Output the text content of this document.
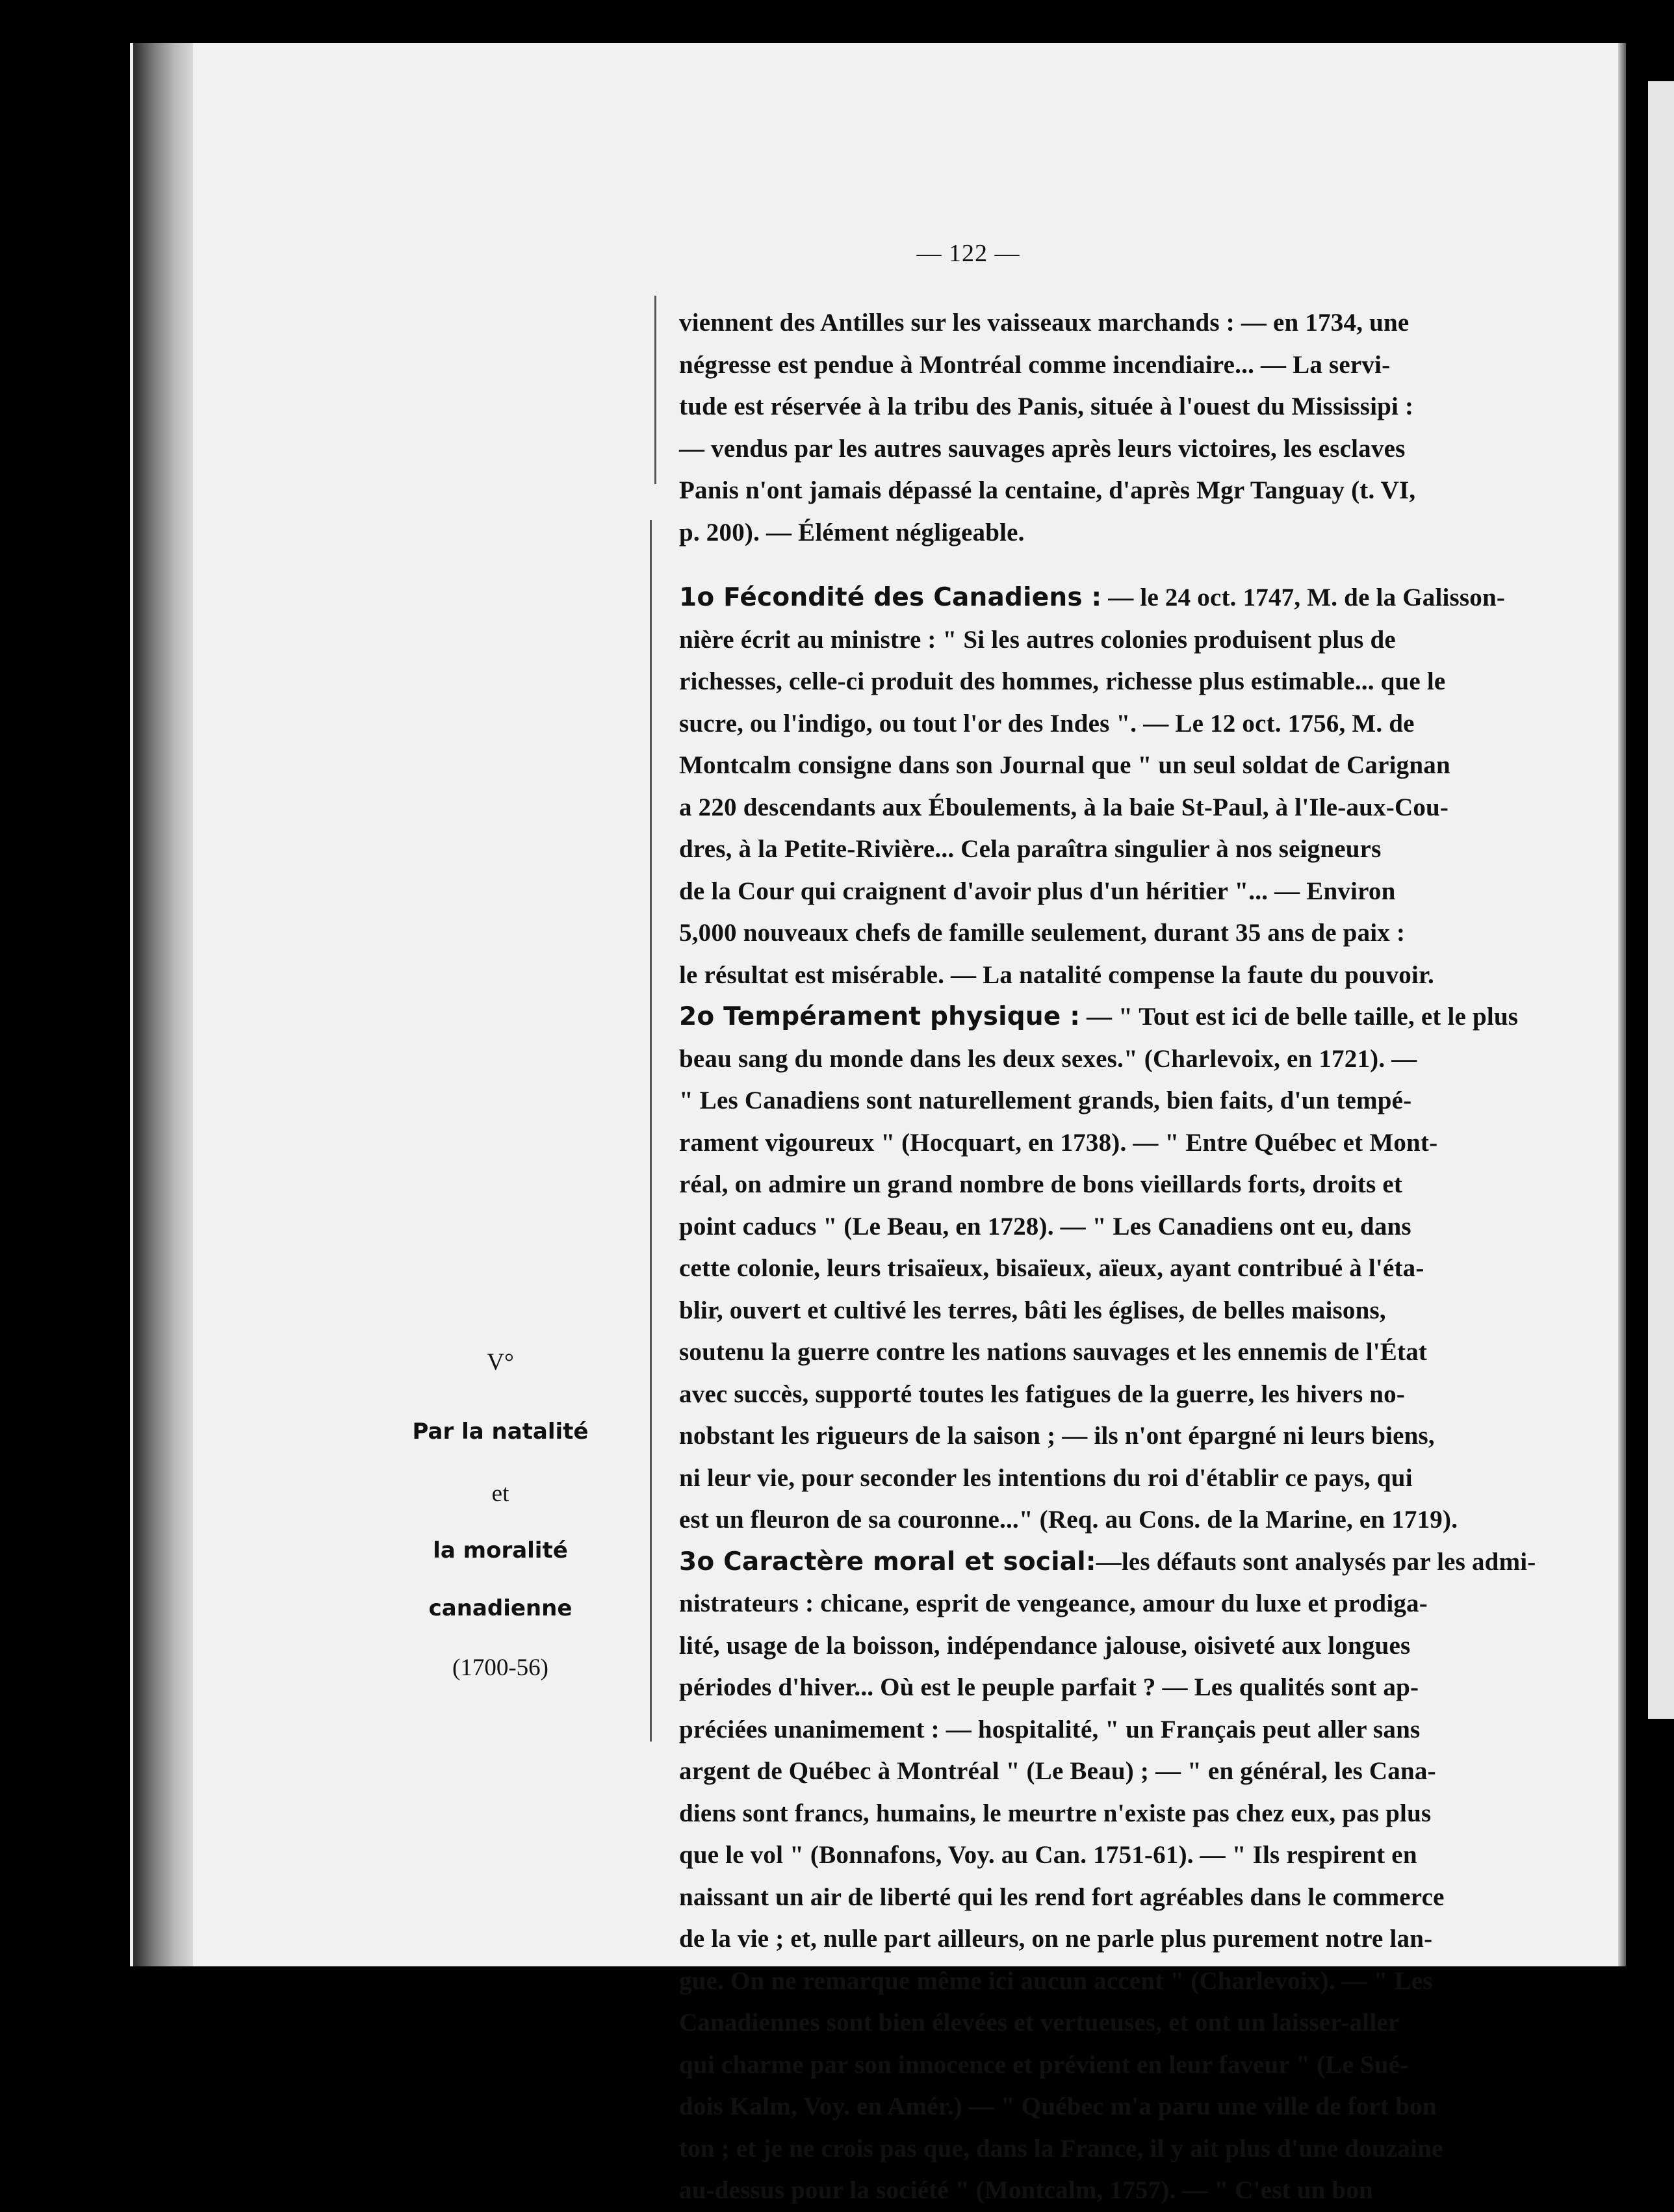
— 122 —
viennent des Antilles sur les vaisseaux marchands : — en 1734, une
négresse est pendue à Montréal comme incendiaire... — La servi-
tude est réservée à la tribu des Panis, située à l'ouest du Mississipi :
— vendus par les autres sauvages après leurs victoires, les esclaves
Panis n'ont jamais dépassé la centaine, d'après Mgr Tanguay (t. VI,
p. 200). — Élément négligeable.
1o Fécondité des Canadiens : — le 24 oct. 1747, M. de la Galisson-
nière écrit au ministre : " Si les autres colonies produisent plus de
richesses, celle-ci produit des hommes, richesse plus estimable... que le
sucre, ou l'indigo, ou tout l'or des Indes ". — Le 12 oct. 1756, M. de
Montcalm consigne dans son Journal que " un seul soldat de Carignan
a 220 descendants aux Éboulements, à la baie St-Paul, à l'Ile-aux-Cou-
dres, à la Petite-Rivière... Cela paraîtra singulier à nos seigneurs
de la Cour qui craignent d'avoir plus d'un héritier "... — Environ
5,000 nouveaux chefs de famille seulement, durant 35 ans de paix :
le résultat est misérable. — La natalité compense la faute du pouvoir.
2o Tempérament physique : — " Tout est ici de belle taille, et le plus
beau sang du monde dans les deux sexes." (Charlevoix, en 1721). —
" Les Canadiens sont naturellement grands, bien faits, d'un tempé-
rament vigoureux " (Hocquart, en 1738). — " Entre Québec et Mont-
réal, on admire un grand nombre de bons vieillards forts, droits et
point caducs " (Le Beau, en 1728). — " Les Canadiens ont eu, dans
cette colonie, leurs trisaïeux, bisaïeux, aïeux, ayant contribué à l'éta-
blir, ouvert et cultivé les terres, bâti les églises, de belles maisons,
soutenu la guerre contre les nations sauvages et les ennemis de l'État
avec succès, supporté toutes les fatigues de la guerre, les hivers no-
nobstant les rigueurs de la saison ; — ils n'ont épargné ni leurs biens,
ni leur vie, pour seconder les intentions du roi d'établir ce pays, qui
est un fleuron de sa couronne..." (Req. au Cons. de la Marine, en 1719).
3o Caractère moral et social:—les défauts sont analysés par les admi-
nistrateurs : chicane, esprit de vengeance, amour du luxe et prodiga-
lité, usage de la boisson, indépendance jalouse, oisiveté aux longues
périodes d'hiver... Où est le peuple parfait ? — Les qualités sont ap-
préciées unanimement : — hospitalité, " un Français peut aller sans
argent de Québec à Montréal " (Le Beau) ; — " en général, les Cana-
diens sont francs, humains, le meurtre n'existe pas chez eux, pas plus
que le vol " (Bonnafons, Voy. au Can. 1751-61). — " Ils respirent en
naissant un air de liberté qui les rend fort agréables dans le commerce
de la vie ; et, nulle part ailleurs, on ne parle plus purement notre lan-
gue. On ne remarque même ici aucun accent " (Charlevoix). — " Les
Canadiennes sont bien élevées et vertueuses, et ont un laisser-aller
qui charme par son innocence et prévient en leur faveur " (Le Sué-
dois Kalm, Voy. en Amér.) — " Québec m'a paru une ville de fort bon
ton ; et je ne crois pas que, dans la France, il y ait plus d'une douzaine
au-dessus pour la société " (Montcalm, 1757). — " C'est un bon
V°
Par la natalité
et
la moralité
canadienne
(1700-56)
